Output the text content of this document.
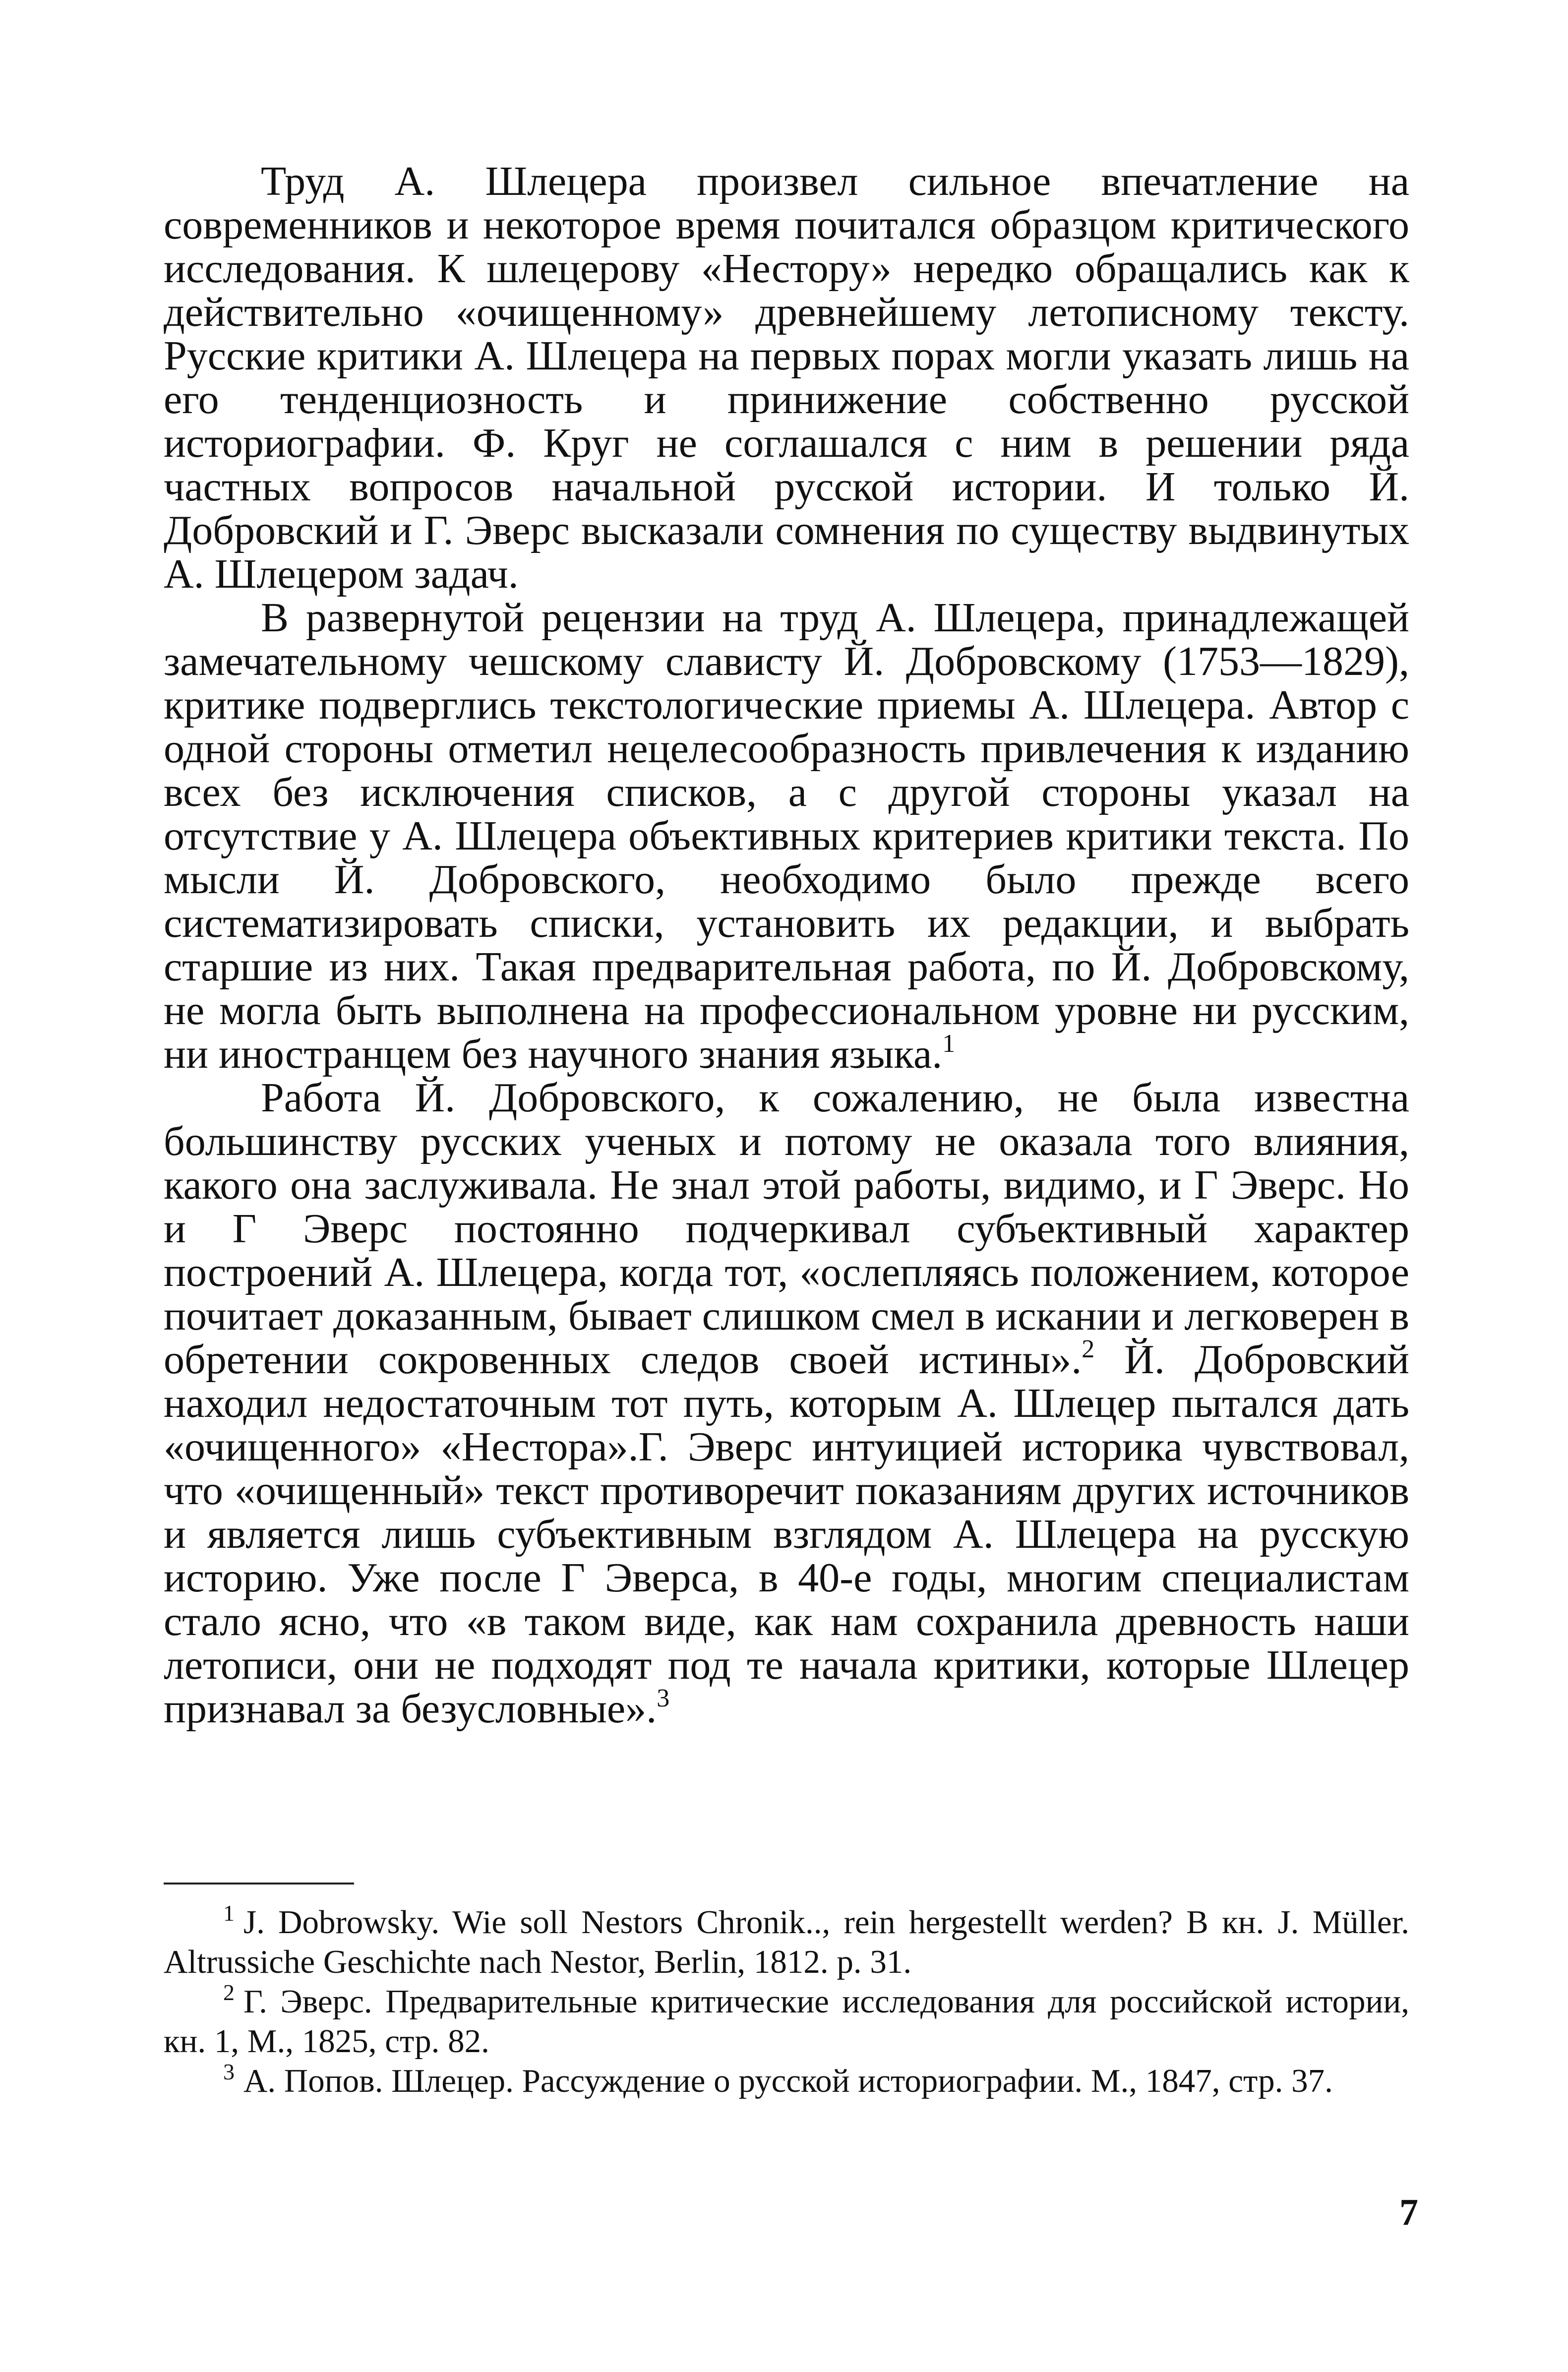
Труд А. Шлецера произвел сильное впечатление на современников и некоторое время почитался образцом критического исследования. К шлецерову «Нестору» нередко обращались как к действительно «очищенному» древнейшему летописному тексту. Русские критики А. Шлецера на первых порах могли указать лишь на его тенденциозность и принижение собственно русской историографии. Ф. Круг не соглашался с ним в решении ряда частных вопросов начальной русской истории. И только Й. Добровский и Г. Эверс высказали сомнения по существу выдвинутых А. Шлецером задач.

В развернутой рецензии на труд А. Шлецера, принадлежащей замечательному чешскому слависту Й. Добровскому (1753—1829), критике подверглись текстологические приемы А. Шлецера. Автор с одной стороны отметил нецелесообразность привлечения к изданию всех без исключения списков, а с другой стороны указал на отсутствие у А. Шлецера объективных критериев критики текста. По мысли Й. Добровского, необходимо было прежде всего систематизировать списки, установить их редакции, и выбрать старшие из них. Такая предварительная работа, по Й. Добровскому, не могла быть выполнена на профессиональном уровне ни русским, ни иностранцем без научного знания языка.$^1$

Работа Й. Добровского, к сожалению, не была известна большинству русских ученых и потому не оказала того влияния, какого она заслуживала. Не знал этой работы, видимо, и Г Эверс. Но и Г Эверс постоянно подчеркивал субъективный характер построений А. Шлецера, когда тот, «ослепляясь положением, которое почитает доказанным, бывает слишком смел в искании и легковерен в обретении сокровенных следов своей истины».$^2$ Й. Добровский находил недостаточным тот путь, которым А. Шлецер пытался дать «очищенного» «Нестора».Г. Эверс интуицией историка чувствовал, что «очищенный» текст противоречит показаниям других источников и является лишь субъективным взглядом А. Шлецера на русскую историю. Уже после Г Эверса, в 40-е годы, многим специалистам стало ясно, что «в таком виде, как нам сохранила древность наши летописи, они не подходят под те начала критики, которые Шлецер признавал за безусловные».$^3$

$^1$ J. Dobrowsky. Wie soll Nestors Chronik.., rein hergestellt werden? В кн. J. Müller. Altrussiche Geschichte nach Nestor, Berlin, 1812. p. 31.

$^2$ Г. Эверс. Предварительные критические исследования для российской истории, кн. 1, М., 1825, стр. 82.

$^3$ А. Попов. Шлецер. Рассуждение о русской историографии. М., 1847, стр. 37.

7
